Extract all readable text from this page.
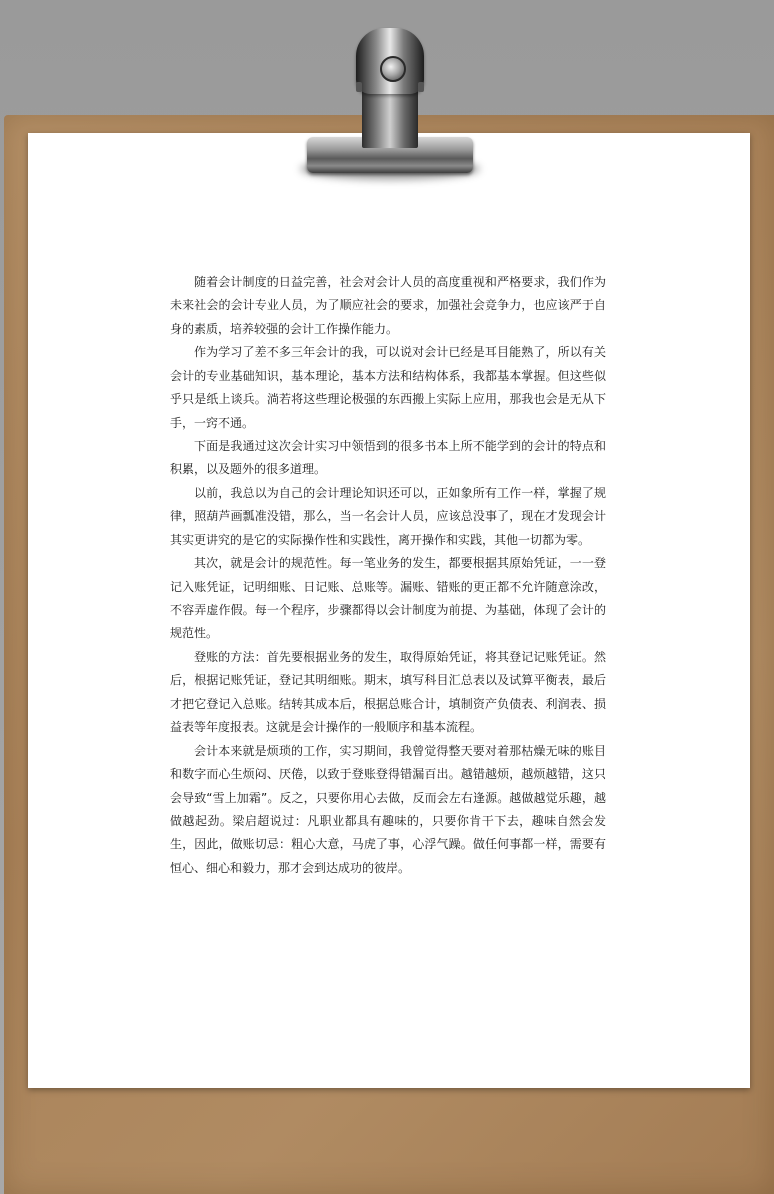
随着会计制度的日益完善，社会对会计人员的高度重视和严格要求，我们作为未来社会的会计专业人员，为了顺应社会的要求，加强社会竞争力，也应该严于自身的素质，培养较强的会计工作操作能力。

作为学习了差不多三年会计的我，可以说对会计已经是耳目能熟了，所以有关会计的专业基础知识，基本理论，基本方法和结构体系，我都基本掌握。但这些似乎只是纸上谈兵。淌若将这些理论极强的东西搬上实际上应用，那我也会是无从下手，一窍不通。

下面是我通过这次会计实习中领悟到的很多书本上所不能学到的会计的特点和积累，以及题外的很多道理。

以前，我总以为自己的会计理论知识还可以，正如象所有工作一样，掌握了规律，照葫芦画瓢准没错，那么，当一名会计人员，应该总没事了，现在才发现会计其实更讲究的是它的实际操作性和实践性，离开操作和实践，其他一切都为零。

其次，就是会计的规范性。每一笔业务的发生，都要根据其原始凭证，一一登记入账凭证，记明细账、日记账、总账等。漏账、错账的更正都不允许随意涂改，不容弄虚作假。每一个程序，步骤都得以会计制度为前提、为基础，体现了会计的规范性。

登账的方法：首先要根据业务的发生，取得原始凭证，将其登记记账凭证。然后，根据记账凭证，登记其明细账。期末，填写科目汇总表以及试算平衡表，最后才把它登记入总账。结转其成本后，根据总账合计，填制资产负债表、利润表、损益表等年度报表。这就是会计操作的一般顺序和基本流程。

会计本来就是烦琐的工作，实习期间，我曾觉得整天要对着那枯燥无味的账目和数字而心生烦闷、厌倦，以致于登账登得错漏百出。越错越烦，越烦越错，这只会导致“雪上加霜”。反之，只要你用心去做，反而会左右逢源。越做越觉乐趣，越做越起劲。梁启超说过：凡职业都具有趣味的，只要你肯干下去，趣味自然会发生，因此，做账切忌：粗心大意，马虎了事，心浮气躁。做任何事都一样，需要有恒心、细心和毅力，那才会到达成功的彼岸。
